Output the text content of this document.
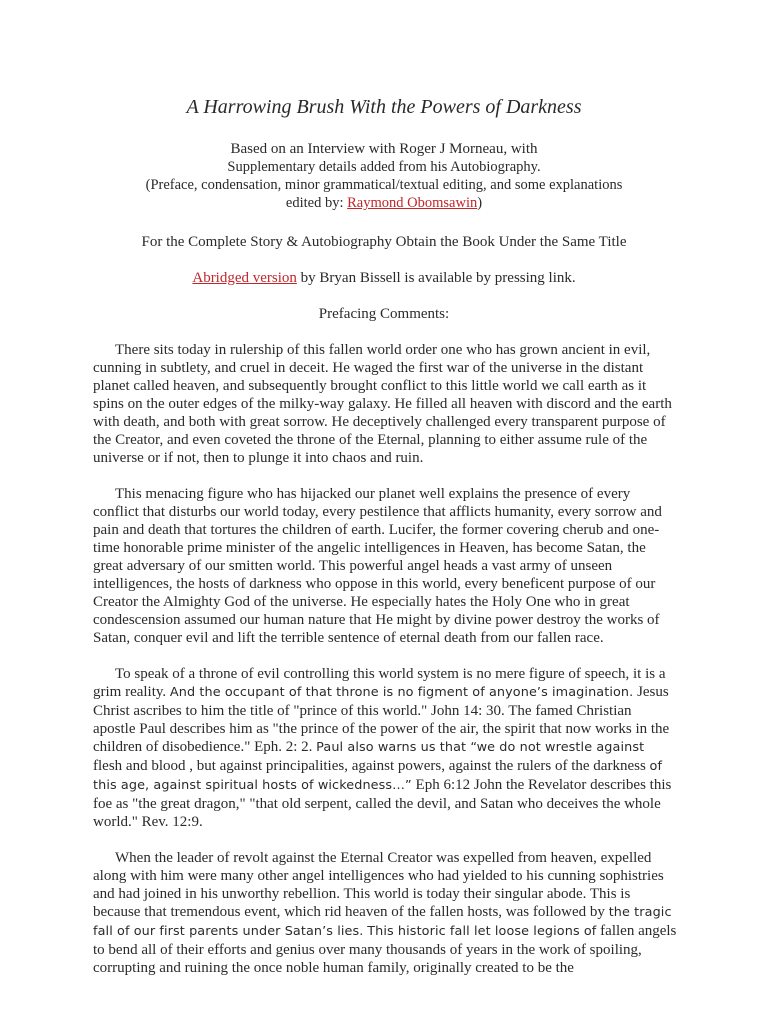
A Harrowing Brush With the Powers of Darkness
Based on an Interview with Roger J Morneau, with
Supplementary details added from his Autobiography.
(Preface, condensation, minor grammatical/textual editing, and some explanations
edited by: Raymond Obomsawin)
For the Complete Story & Autobiography Obtain the Book Under the Same Title
Abridged version by Bryan Bissell is available by pressing link.
Prefacing Comments:

There sits today in rulership of this fallen world order one who has grown ancient in evil, cunning in subtlety, and cruel in deceit. He waged the first war of the universe in the distant planet called heaven, and subsequently brought conflict to this little world we call earth as it spins on the outer edges of the milky-way galaxy. He filled all heaven with discord and the earth with death, and both with great sorrow. He deceptively challenged every transparent purpose of the Creator, and even coveted the throne of the Eternal, planning to either assume rule of the universe or if not, then to plunge it into chaos and ruin.

This menacing figure who has hijacked our planet well explains the presence of every conflict that disturbs our world today, every pestilence that afflicts humanity, every sorrow and pain and death that tortures the children of earth. Lucifer, the former covering cherub and one-time honorable prime minister of the angelic intelligences in Heaven, has become Satan, the great adversary of our smitten world. This powerful angel heads a vast army of unseen intelligences, the hosts of darkness who oppose in this world, every beneficent purpose of our Creator the Almighty God of the universe. He especially hates the Holy One who in great condescension assumed our human nature that He might by divine power destroy the works of Satan, conquer evil and lift the terrible sentence of eternal death from our fallen race.

To speak of a throne of evil controlling this world system is no mere figure of speech, it is a grim reality. And the occupant of that throne is no figment of anyone’s imagination. Jesus Christ ascribes to him the title of "prince of this world." John 14: 30. The famed Christian apostle Paul describes him as "the prince of the power of the air, the spirit that now works in the children of disobedience." Eph. 2: 2. Paul also warns us that “we do not wrestle against flesh and blood , but against principalities, against powers, against the rulers of the darkness of this age, against spiritual hosts of wickedness…” Eph 6:12 John the Revelator describes this foe as "the great dragon," "that old serpent, called the devil, and Satan who deceives the whole world." Rev. 12:9.

When the leader of revolt against the Eternal Creator was expelled from heaven, expelled along with him were many other angel intelligences who had yielded to his cunning sophistries and had joined in his unworthy rebellion. This world is today their singular abode. This is because that tremendous event, which rid heaven of the fallen hosts, was followed by the tragic fall of our first parents under Satan’s lies. This historic fall let loose legions of fallen angels to bend all of their efforts and genius over many thousands of years in the work of spoiling, corrupting and ruining the once noble human family, originally created to be the
